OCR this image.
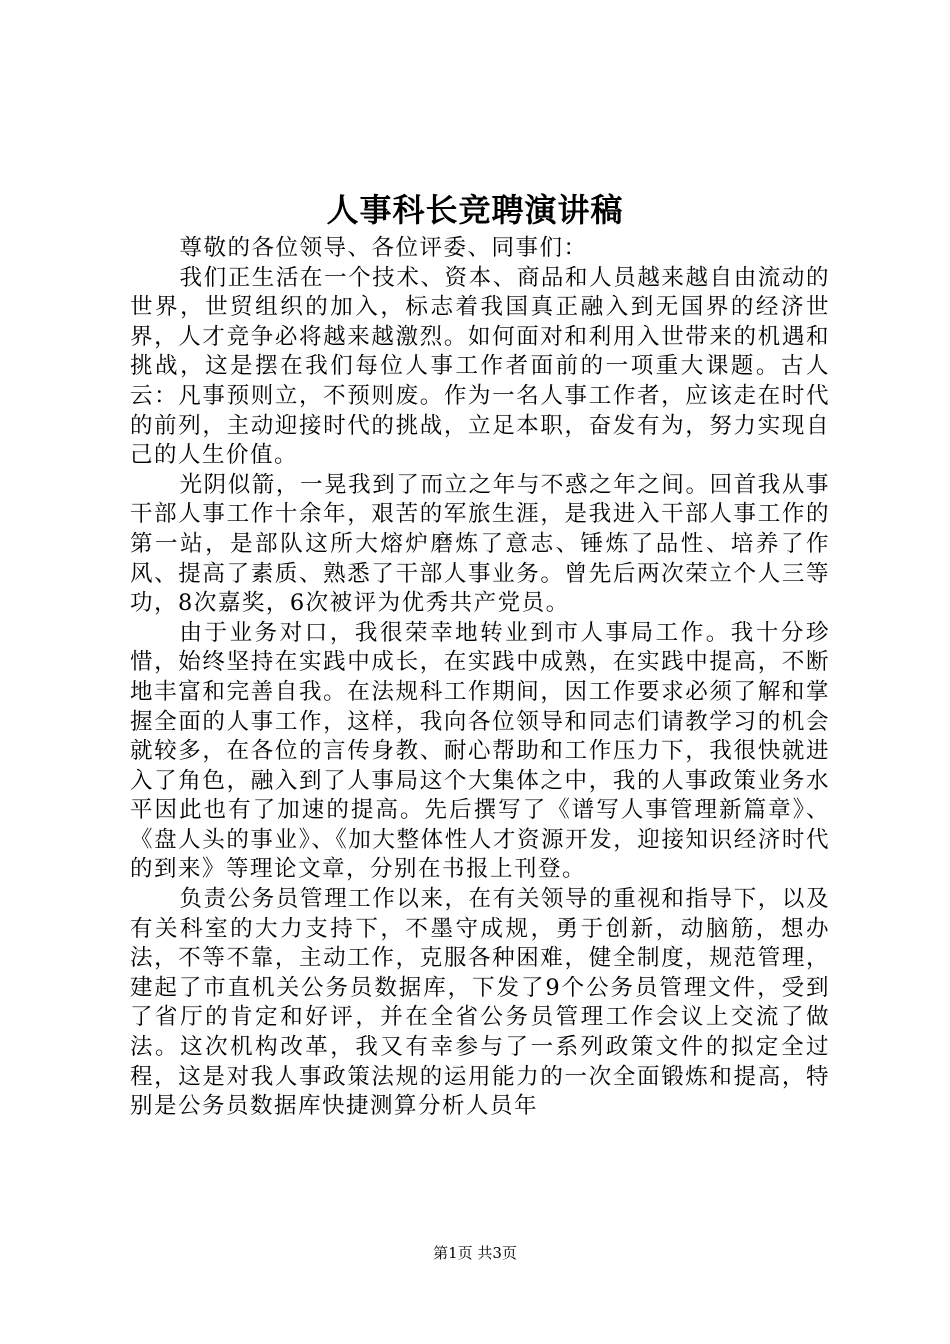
人事科长竞聘演讲稿

尊敬的各位领导、各位评委、同事们：

我们正生活在一个技术、资本、商品和人员越来越自由流动的世界，世贸组织的加入，标志着我国真正融入到无国界的经济世界，人才竞争必将越来越激烈。如何面对和利用入世带来的机遇和挑战，这是摆在我们每位人事工作者面前的一项重大课题。古人云：凡事预则立，不预则废。作为一名人事工作者，应该走在时代的前列，主动迎接时代的挑战，立足本职，奋发有为，努力实现自己的人生价值。

光阴似箭，一晃我到了而立之年与不惑之年之间。回首我从事干部人事工作十余年，艰苦的军旅生涯，是我进入干部人事工作的第一站，是部队这所大熔炉磨炼了意志、锤炼了品性、培养了作风、提高了素质、熟悉了干部人事业务。曾先后两次荣立个人三等功，8次嘉奖，6次被评为优秀共产党员。

由于业务对口，我很荣幸地转业到市人事局工作。我十分珍惜，始终坚持在实践中成长，在实践中成熟，在实践中提高，不断地丰富和完善自我。在法规科工作期间，因工作要求必须了解和掌握全面的人事工作，这样，我向各位领导和同志们请教学习的机会就较多，在各位的言传身教、耐心帮助和工作压力下，我很快就进入了角色，融入到了人事局这个大集体之中，我的人事政策业务水平因此也有了加速的提高。先后撰写了《谱写人事管理新篇章》、《盘人头的事业》、《加大整体性人才资源开发，迎接知识经济时代的到来》等理论文章，分别在书报上刊登。

负责公务员管理工作以来，在有关领导的重视和指导下，以及有关科室的大力支持下，不墨守成规，勇于创新，动脑筋，想办法，不等不靠，主动工作，克服各种困难，健全制度，规范管理，建起了市直机关公务员数据库，下发了9个公务员管理文件，受到了省厅的肯定和好评，并在全省公务员管理工作会议上交流了做法。这次机构改革，我又有幸参与了一系列政策文件的拟定全过程，这是对我人事政策法规的运用能力的一次全面锻炼和提高，特别是公务员数据库快捷测算分析人员年

第1页 共3页
